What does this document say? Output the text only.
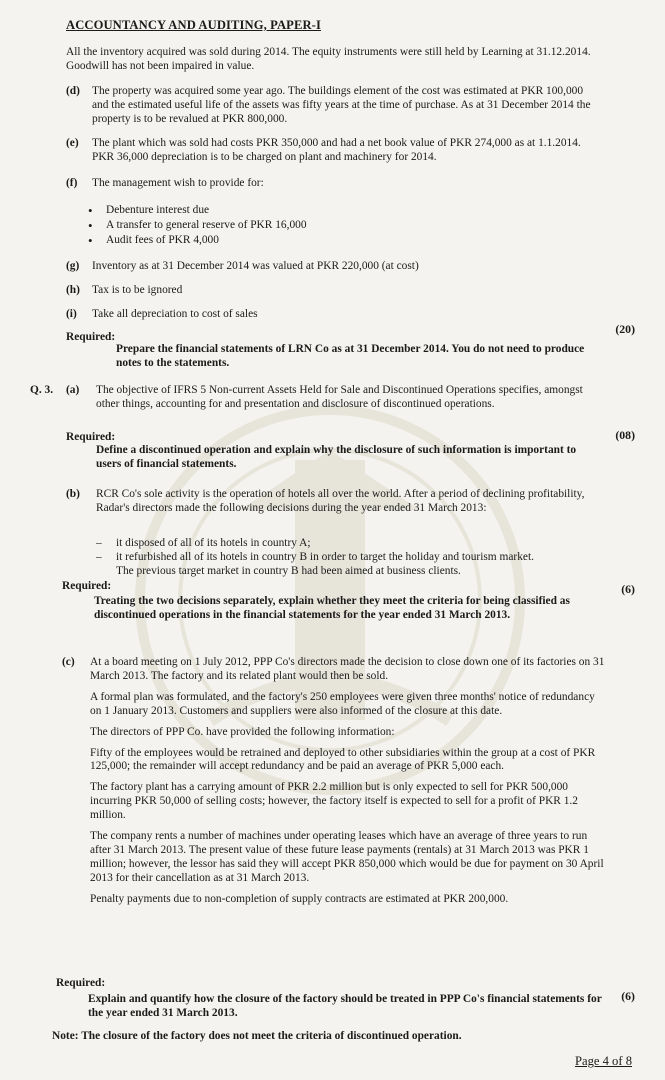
ACCOUNTANCY AND AUDITING, PAPER-I

All the inventory acquired was sold during 2014. The equity instruments were still held by Learning at 31.12.2014. Goodwill has not been impaired in value.

(d) The property was acquired some year ago. The buildings element of the cost was estimated at PKR 100,000 and the estimated useful life of the assets was fifty years at the time of purchase. As at 31 December 2014 the property is to be revalued at PKR 800,000.

(e) The plant which was sold had costs PKR 350,000 and had a net book value of PKR 274,000 as at 1.1.2014. PKR 36,000 depreciation is to be charged on plant and machinery for 2014.

(f) The management wish to provide for:

• Debenture interest due
• A transfer to general reserve of PKR 16,000
• Audit fees of PKR 4,000
(g) Inventory as at 31 December 2014 was valued at PKR 220,000 (at cost)

(h) Tax is to be ignored

(i) Take all depreciation to cost of sales

Required:
(20)

Prepare the financial statements of LRN Co as at 31 December 2014. You do not need to produce notes to the statements.

Q. 3. (a) The objective of IFRS 5 Non-current Assets Held for Sale and Discontinued Operations specifies, amongst other things, accounting for and presentation and disclosure of discontinued operations.

Required:	(08)

Define a discontinued operation and explain why the disclosure of such information is important to users of financial statements.

(b) RCR Co's sole activity is the operation of hotels all over the world. After a period of declining profitability, Radar's directors made the following decisions during the year ended 31 March 2013:

– it disposed of all of its hotels in country A;
– it refurbished all of its hotels in country B in order to target the holiday and tourism market.

The previous target market in country B had been aimed at business clients.

Required:	(6)

Treating the two decisions separately, explain whether they meet the criteria for being classified as discontinued operations in the financial statements for the year ended 31 March 2013.

(c) At a board meeting on 1 July 2012, PPP Co's directors made the decision to close down one of its factories on 31 March 2013. The factory and its related plant would then be sold.

A formal plan was formulated, and the factory's 250 employees were given three months' notice of redundancy on 1 January 2013. Customers and suppliers were also informed of the closure at this date.

The directors of PPP Co. have provided the following information:

Fifty of the employees would be retrained and deployed to other subsidiaries within the group at a cost of PKR 125,000; the remainder will accept redundancy and be paid an average of PKR 5,000 each.

The factory plant has a carrying amount of PKR 2.2 million but is only expected to sell for PKR 500,000 incurring PKR 50,000 of selling costs; however, the factory itself is expected to sell for a profit of PKR 1.2 million.

The company rents a number of machines under operating leases which have an average of three years to run after 31 March 2013. The present value of these future lease payments (rentals) at 31 March 2013 was PKR 1 million; however, the lessor has said they will accept PKR 850,000 which would be due for payment on 30 April 2013 for their cancellation as at 31 March 2013.

Penalty payments due to non-completion of supply contracts are estimated at PKR 200,000.

Required:
(6)

Explain and quantify how the closure of the factory should be treated in PPP Co's financial statements for the year ended 31 March 2013.

Note: The closure of the factory does not meet the criteria of discontinued operation.

Page 4 of 8
